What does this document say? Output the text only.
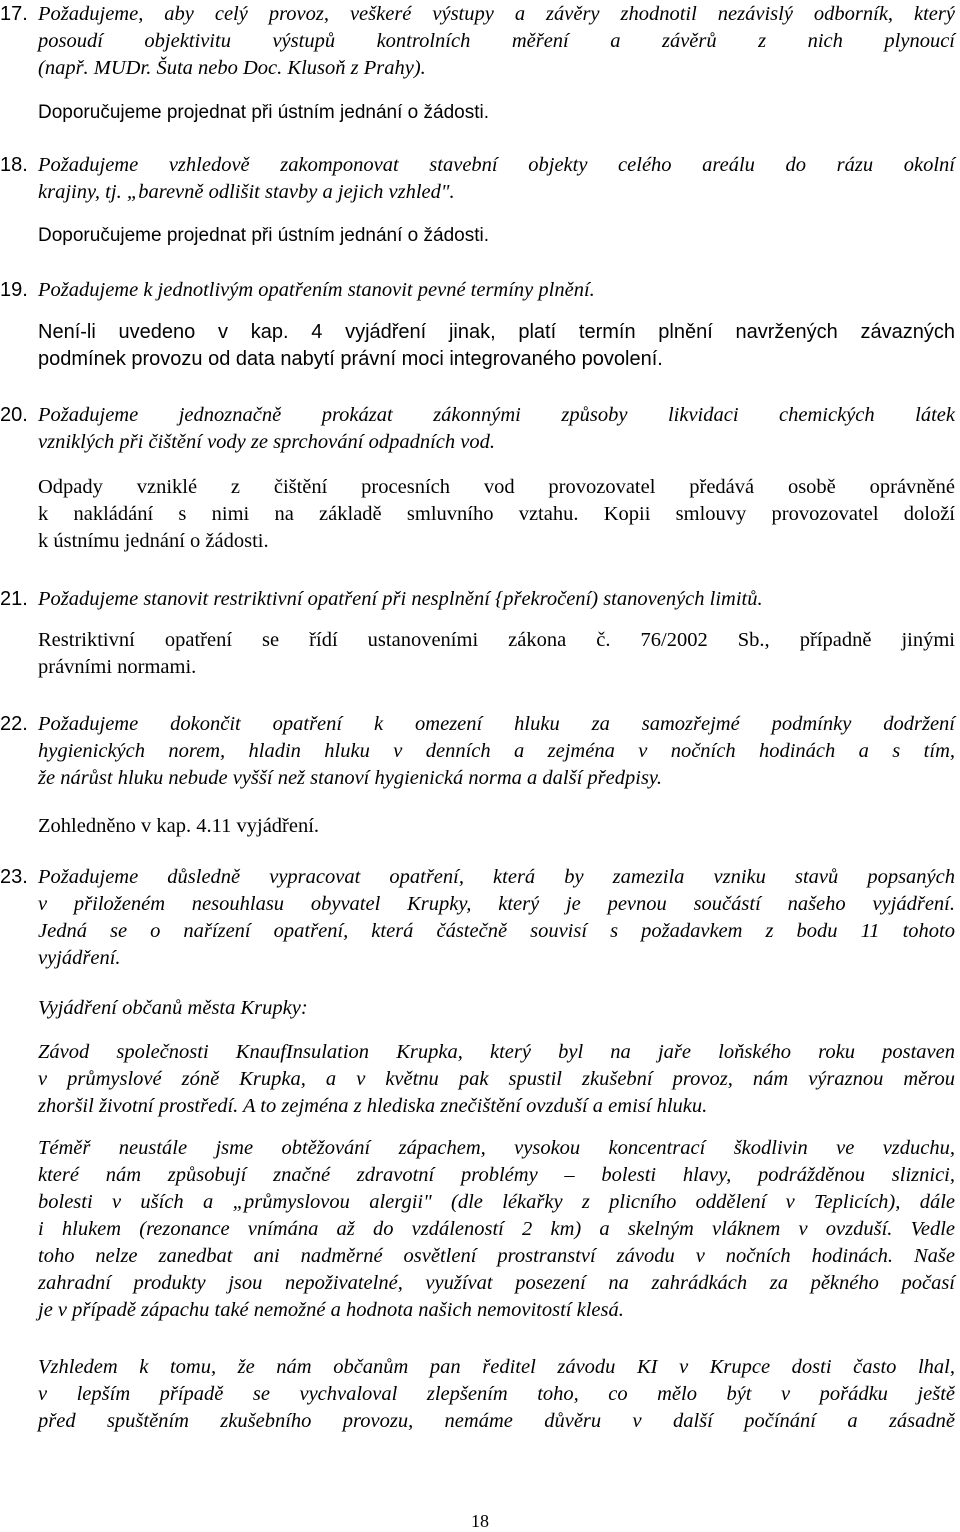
17. Požadujeme, aby celý provoz, veškeré výstupy a závěry zhodnotil nezávislý odborník, který
posoudí objektivitu výstupů kontrolních měření a závěrů z nich plynoucí
(např. MUDr. Šuta nebo Doc. Klusoň z Prahy).
Doporučujeme projednat při ústním jednání o žádosti.
18. Požadujeme vzhledově zakomponovat stavební objekty celého areálu do rázu okolní
krajiny, tj. „barevně odlišit stavby a jejich vzhled".
Doporučujeme projednat při ústním jednání o žádosti.
19. Požadujeme k jednotlivým opatřením stanovit pevné termíny plnění.
Není-li uvedeno v kap. 4 vyjádření jinak, platí termín plnění navržených závazných
podmínek provozu od data nabytí právní moci integrovaného povolení.
20. Požadujeme jednoznačně prokázat zákonnými způsoby likvidaci chemických látek
vzniklých při čištění vody ze sprchování odpadních vod.
Odpady vzniklé z čištění procesních vod provozovatel předává osobě oprávněné
k nakládání s nimi na základě smluvního vztahu. Kopii smlouvy provozovatel doloží
k ústnímu jednání o žádosti.
21. Požadujeme stanovit restriktivní opatření při nesplnění {překročení) stanovených limitů.
Restriktivní opatření se řídí ustanoveními zákona č. 76/2002 Sb., případně jinými
právními normami.
22. Požadujeme dokončit opatření k omezení hluku za samozřejmé podmínky dodržení
hygienických norem, hladin hluku v denních a zejména v nočních hodinách a s tím,
že nárůst hluku nebude vyšší než stanoví hygienická norma a další předpisy.
Zohledněno v kap. 4.11 vyjádření.
23. Požadujeme důsledně vypracovat opatření, která by zamezila vzniku stavů popsaných
v přiloženém nesouhlasu obyvatel Krupky, který je pevnou součástí našeho vyjádření.
Jedná se o nařízení opatření, která částečně souvisí s požadavkem z bodu 11 tohoto
vyjádření.
Vyjádření občanů města Krupky:
Závod společnosti KnaufInsulation Krupka, který byl na jaře loňského roku postaven
v průmyslové zóně Krupka, a v květnu pak spustil zkušební provoz, nám výraznou měrou
zhoršil životní prostředí. A to zejména z hlediska znečištění ovzduší a emisí hluku.
Téměř neustále jsme obtěžování zápachem, vysokou koncentrací škodlivin ve vzduchu,
které nám způsobují značné zdravotní problémy – bolesti hlavy, podrážděnou sliznici,
bolesti v uších a „průmyslovou alergii" (dle lékařky z plicního oddělení v Teplicích), dále
i hlukem (rezonance vnímána až do vzdáleností 2 km) a skelným vláknem v ovzduší. Vedle
toho nelze zanedbat ani nadměrné osvětlení prostranství závodu v nočních hodinách. Naše
zahradní produkty jsou nepoživatelné, využívat posezení na zahrádkách za pěkného počasí
je v případě zápachu také nemožné a hodnota našich nemovitostí klesá.
Vzhledem k tomu, že nám občanům pan ředitel závodu KI v Krupce dosti často lhal,
v lepším případě se vychvaloval zlepšením toho, co mělo být v pořádku ještě
před spuštěním zkušebního provozu, nemáme důvěru v další počínání a zásadně
18
